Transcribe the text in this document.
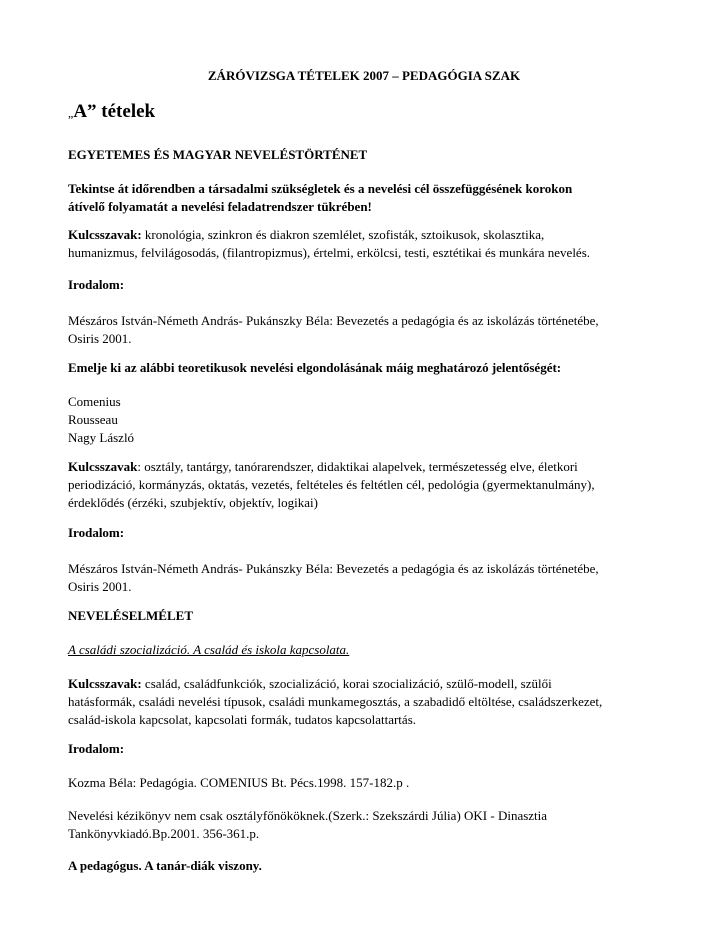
ZÁRÓVIZSGA TÉTELEK 2007 – PEDAGÓGIA SZAK
„A” tételek
EGYETEMES ÉS MAGYAR NEVELÉSTÖRTÉNET
Tekintse át időrendben a társadalmi szükségletek és a nevelési cél összefüggésének korokon
átívelő folyamatát a nevelési feladatrendszer tükrében!
Kulcsszavak: kronológia, szinkron és diakron szemlélet, szofisták, sztoikusok, skolasztika,
humanizmus, felvilágosodás, (filantropizmus), értelmi, erkölcsi, testi, esztétikai és munkára nevelés.
Irodalom:
Mészáros István-Németh András- Pukánszky Béla: Bevezetés a pedagógia és az iskolázás történetébe,
Osiris 2001.
Emelje ki az alábbi teoretikusok nevelési elgondolásának máig meghatározó jelentőségét:
Comenius
Rousseau
Nagy László
Kulcsszavak: osztály, tantárgy, tanórarendszer, didaktikai alapelvek, természetesség elve, életkori
periodizáció, kormányzás, oktatás, vezetés, feltételes és feltétlen cél, pedológia (gyermektanulmány),
érdeklődés (érzéki, szubjektív, objektív, logikai)
Irodalom:
Mészáros István-Németh András- Pukánszky Béla: Bevezetés a pedagógia és az iskolázás történetébe,
Osiris 2001.
NEVELÉSELMÉLET
A családi szocializáció. A család és iskola kapcsolata.
Kulcsszavak: család, családfunkciók, szocializáció, korai szocializáció, szülő-modell, szülői
hatásformák, családi nevelési típusok, családi munkamegosztás, a szabadidő eltöltése, családszerkezet,
család-iskola kapcsolat, kapcsolati formák, tudatos kapcsolattartás.
Irodalom:
Kozma Béla: Pedagógia. COMENIUS Bt. Pécs.1998. 157-182.p .
Nevelési kézikönyv nem csak osztályfőnököknek.(Szerk.: Szekszárdi Júlia) OKI - Dinasztia
Tankönyvkiadó.Bp.2001. 356-361.p.
A pedagógus. A tanár-diák viszony.
